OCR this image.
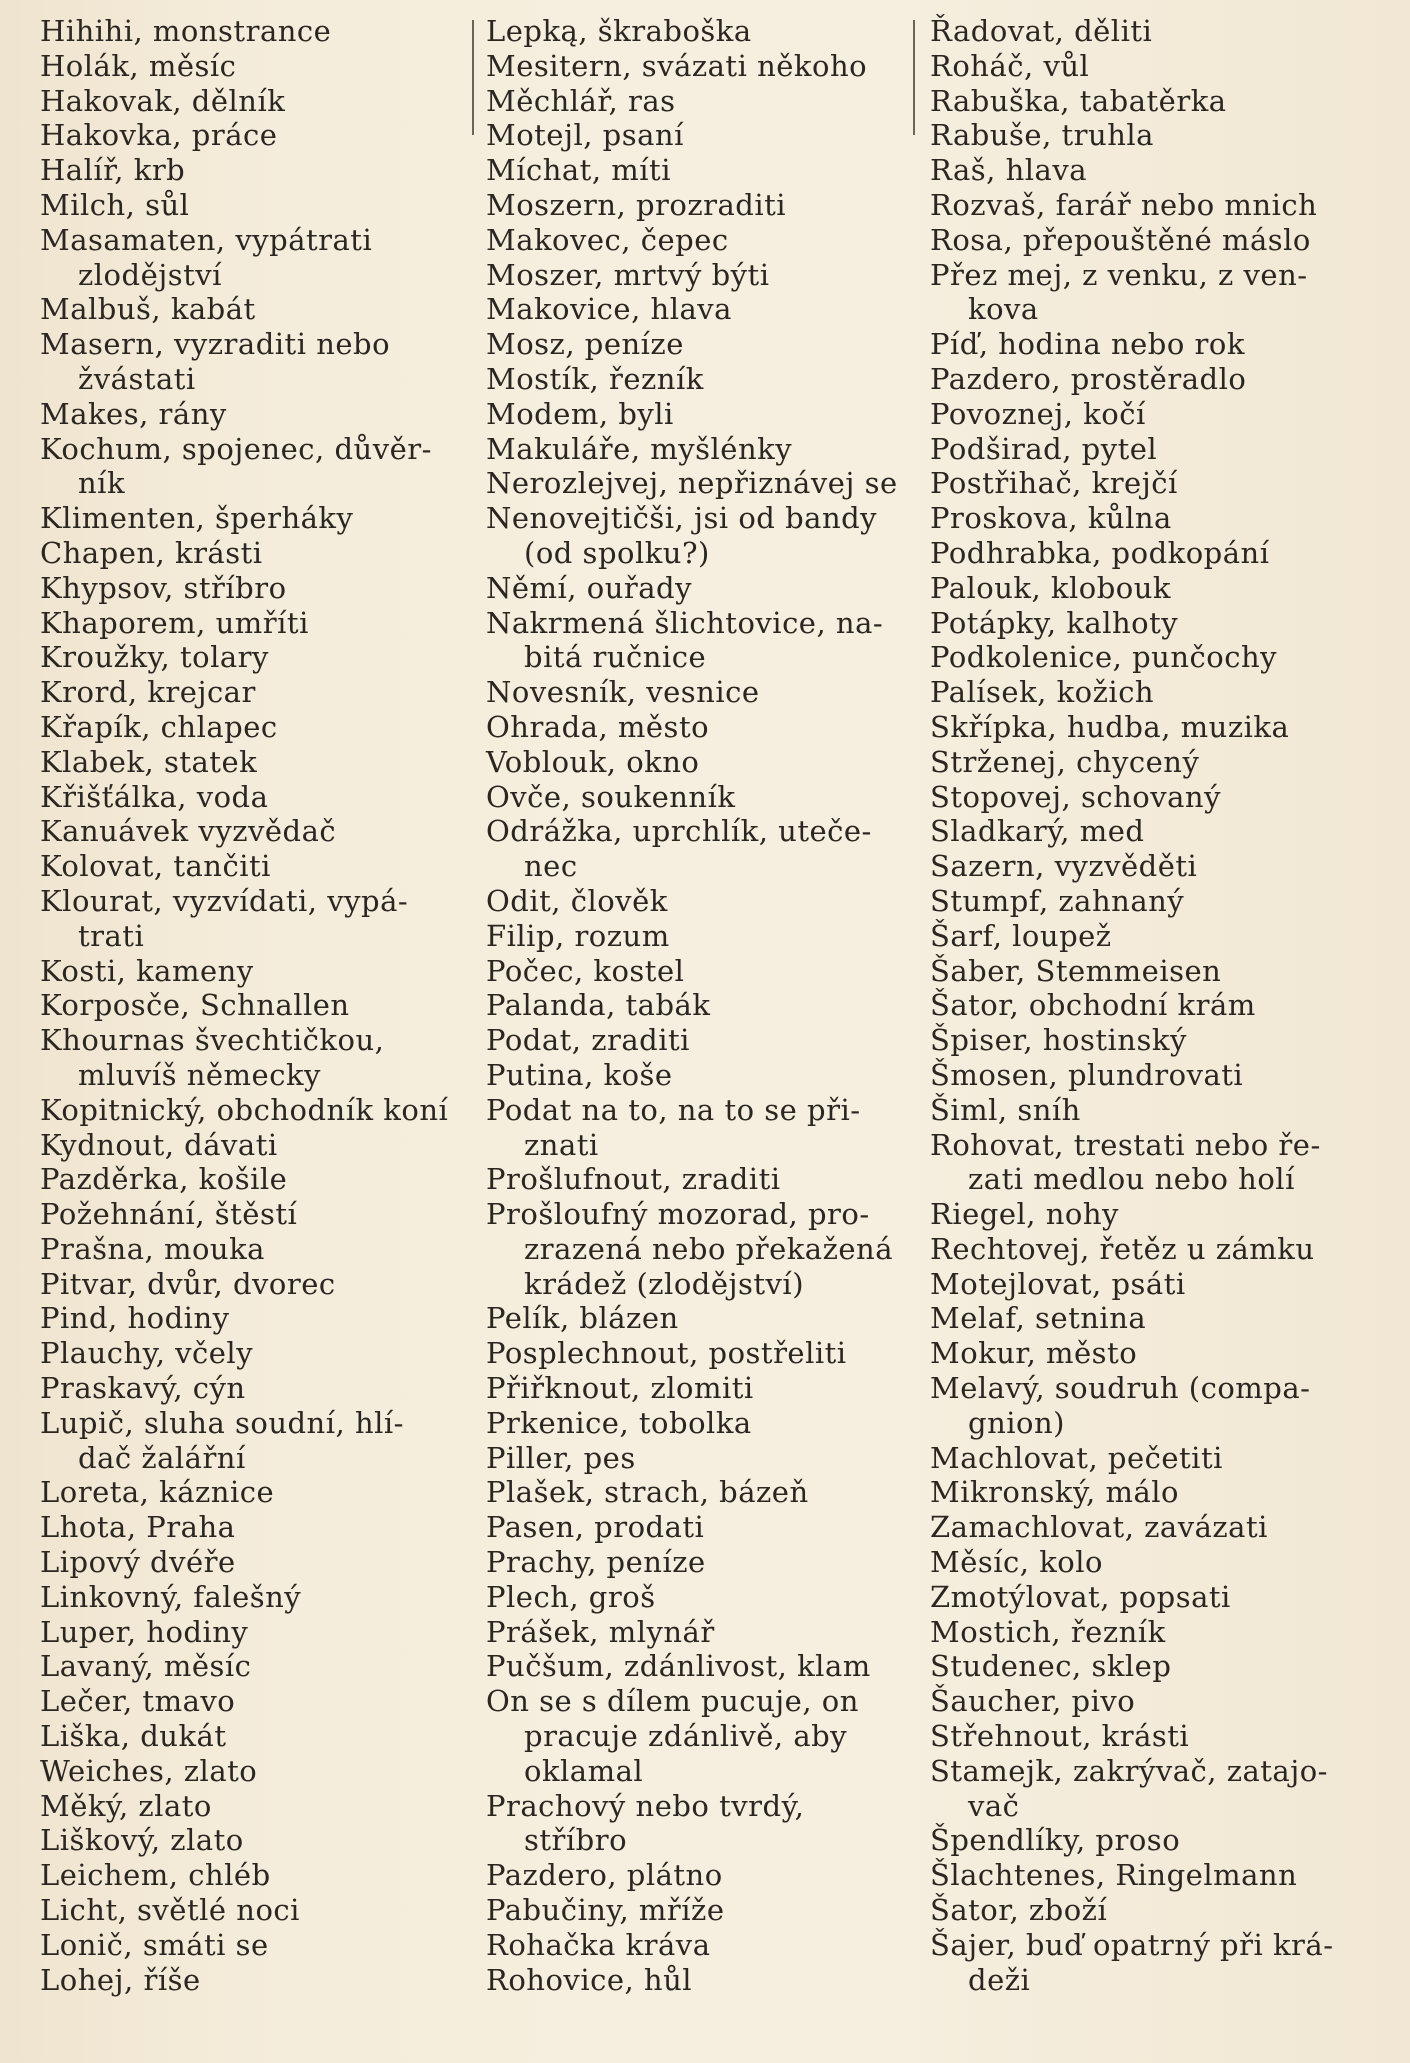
Hihihi, monstrance
Holák, měsíc
Hakovak, dělník
Hakovka, práce
Halíř, krb
Milch, sůl
Masamaten, vypátrati
zlodějství
Malbuš, kabát
Masern, vyzraditi nebo
žvástati
Makes, rány
Kochum, spojenec, důvěr-
ník
Klimenten, šperháky
Chapen, krásti
Khypsov, stříbro
Khaporem, umříti
Kroužky, tolary
Krord, krejcar
Křapík, chlapec
Klabek, statek
Křišťálka, voda
Kanuávek vyzvědač
Kolovat, tančiti
Klourat, vyzvídati, vypá-
trati
Kosti, kameny
Korposče, Schnallen
Khournas švechtičkou,
mluvíš německy
Kopitnický, obchodník koní
Kydnout, dávati
Pazděrka, košile
Požehnání, štěstí
Prašna, mouka
Pitvar, dvůr, dvorec
Pind, hodiny
Plauchy, včely
Praskavý, cýn
Lupič, sluha soudní, hlí-
dač žalářní
Loreta, káznice
Lhota, Praha
Lipový dvéře
Linkovný, falešný
Luper, hodiny
Lavaný, měsíc
Lečer, tmavo
Liška, dukát
Weiches, zlato
Měký, zlato
Liškový, zlato
Leichem, chléb
Licht, světlé noci
Lonič, smáti se
Lohej, říše
Lepką, škraboška
Mesitern, svázati někoho
Měchlář, ras
Motejl, psaní
Míchat, míti
Moszern, prozraditi
Makovec, čepec
Moszer, mrtvý býti
Makovice, hlava
Mosz, peníze
Mostík, řezník
Modem, byli
Makuláře, myšlénky
Nerozlejvej, nepřiznávej se
Nenovejtičši, jsi od bandy
(od spolku?)
Němí, ouřady
Nakrmená šlichtovice, na-
bitá ručnice
Novesník, vesnice
Ohrada, město
Voblouk, okno
Ovče, soukenník
Odrážka, uprchlík, uteče-
nec
Odit, člověk
Filip, rozum
Počec, kostel
Palanda, tabák
Podat, zraditi
Putina, koše
Podat na to, na to se při-
znati
Prošlufnout, zraditi
Prošloufný mozorad, pro-
zrazená nebo překažená
krádež (zlodějství)
Pelík, blázen
Posplechnout, postřeliti
Přiřknout, zlomiti
Prkenice, tobolka
Piller, pes
Plašek, strach, bázeň
Pasen, prodati
Prachy, peníze
Plech, groš
Prášek, mlynář
Pučšum, zdánlivost, klam
On se s dílem pucuje, on
pracuje zdánlivě, aby
oklamal
Prachový nebo tvrdý,
stříbro
Pazdero, plátno
Pabučiny, mříže
Rohačka kráva
Rohovice, hůl
Řadovat, děliti
Roháč, vůl
Rabuška, tabatěrka
Rabuše, truhla
Raš, hlava
Rozvaš, farář nebo mnich
Rosa, přepouštěné máslo
Přez mej, z venku, z ven-
kova
Píď, hodina nebo rok
Pazdero, prostěradlo
Povoznej, kočí
Podširad, pytel
Postřihač, krejčí
Proskova, kůlna
Podhrabka, podkopání
Palouk, klobouk
Potápky, kalhoty
Podkolenice, punčochy
Palísek, kožich
Skřípka, hudba, muzika
Strženej, chycený
Stopovej, schovaný
Sladkarý, med
Sazern, vyzvěděti
Stumpf, zahnaný
Šarf, loupež
Šaber, Stemmeisen
Šator, obchodní krám
Špiser, hostinský
Šmosen, plundrovati
Šiml, sníh
Rohovat, trestati nebo ře-
zati medlou nebo holí
Riegel, nohy
Rechtovej, řetěz u zámku
Motejlovat, psáti
Melaf, setnina
Mokur, město
Melavý, soudruh (compa-
gnion)
Machlovat, pečetiti
Mikronský, málo
Zamachlovat, zavázati
Měsíc, kolo
Zmotýlovat, popsati
Mostich, řezník
Studenec, sklep
Šaucher, pivo
Střehnout, krásti
Stamejk, zakrývač, zatajo-
vač
Špendlíky, proso
Šlachtenes, Ringelmann
Šator, zboží
Šajer, buď opatrný při krá-
deži
